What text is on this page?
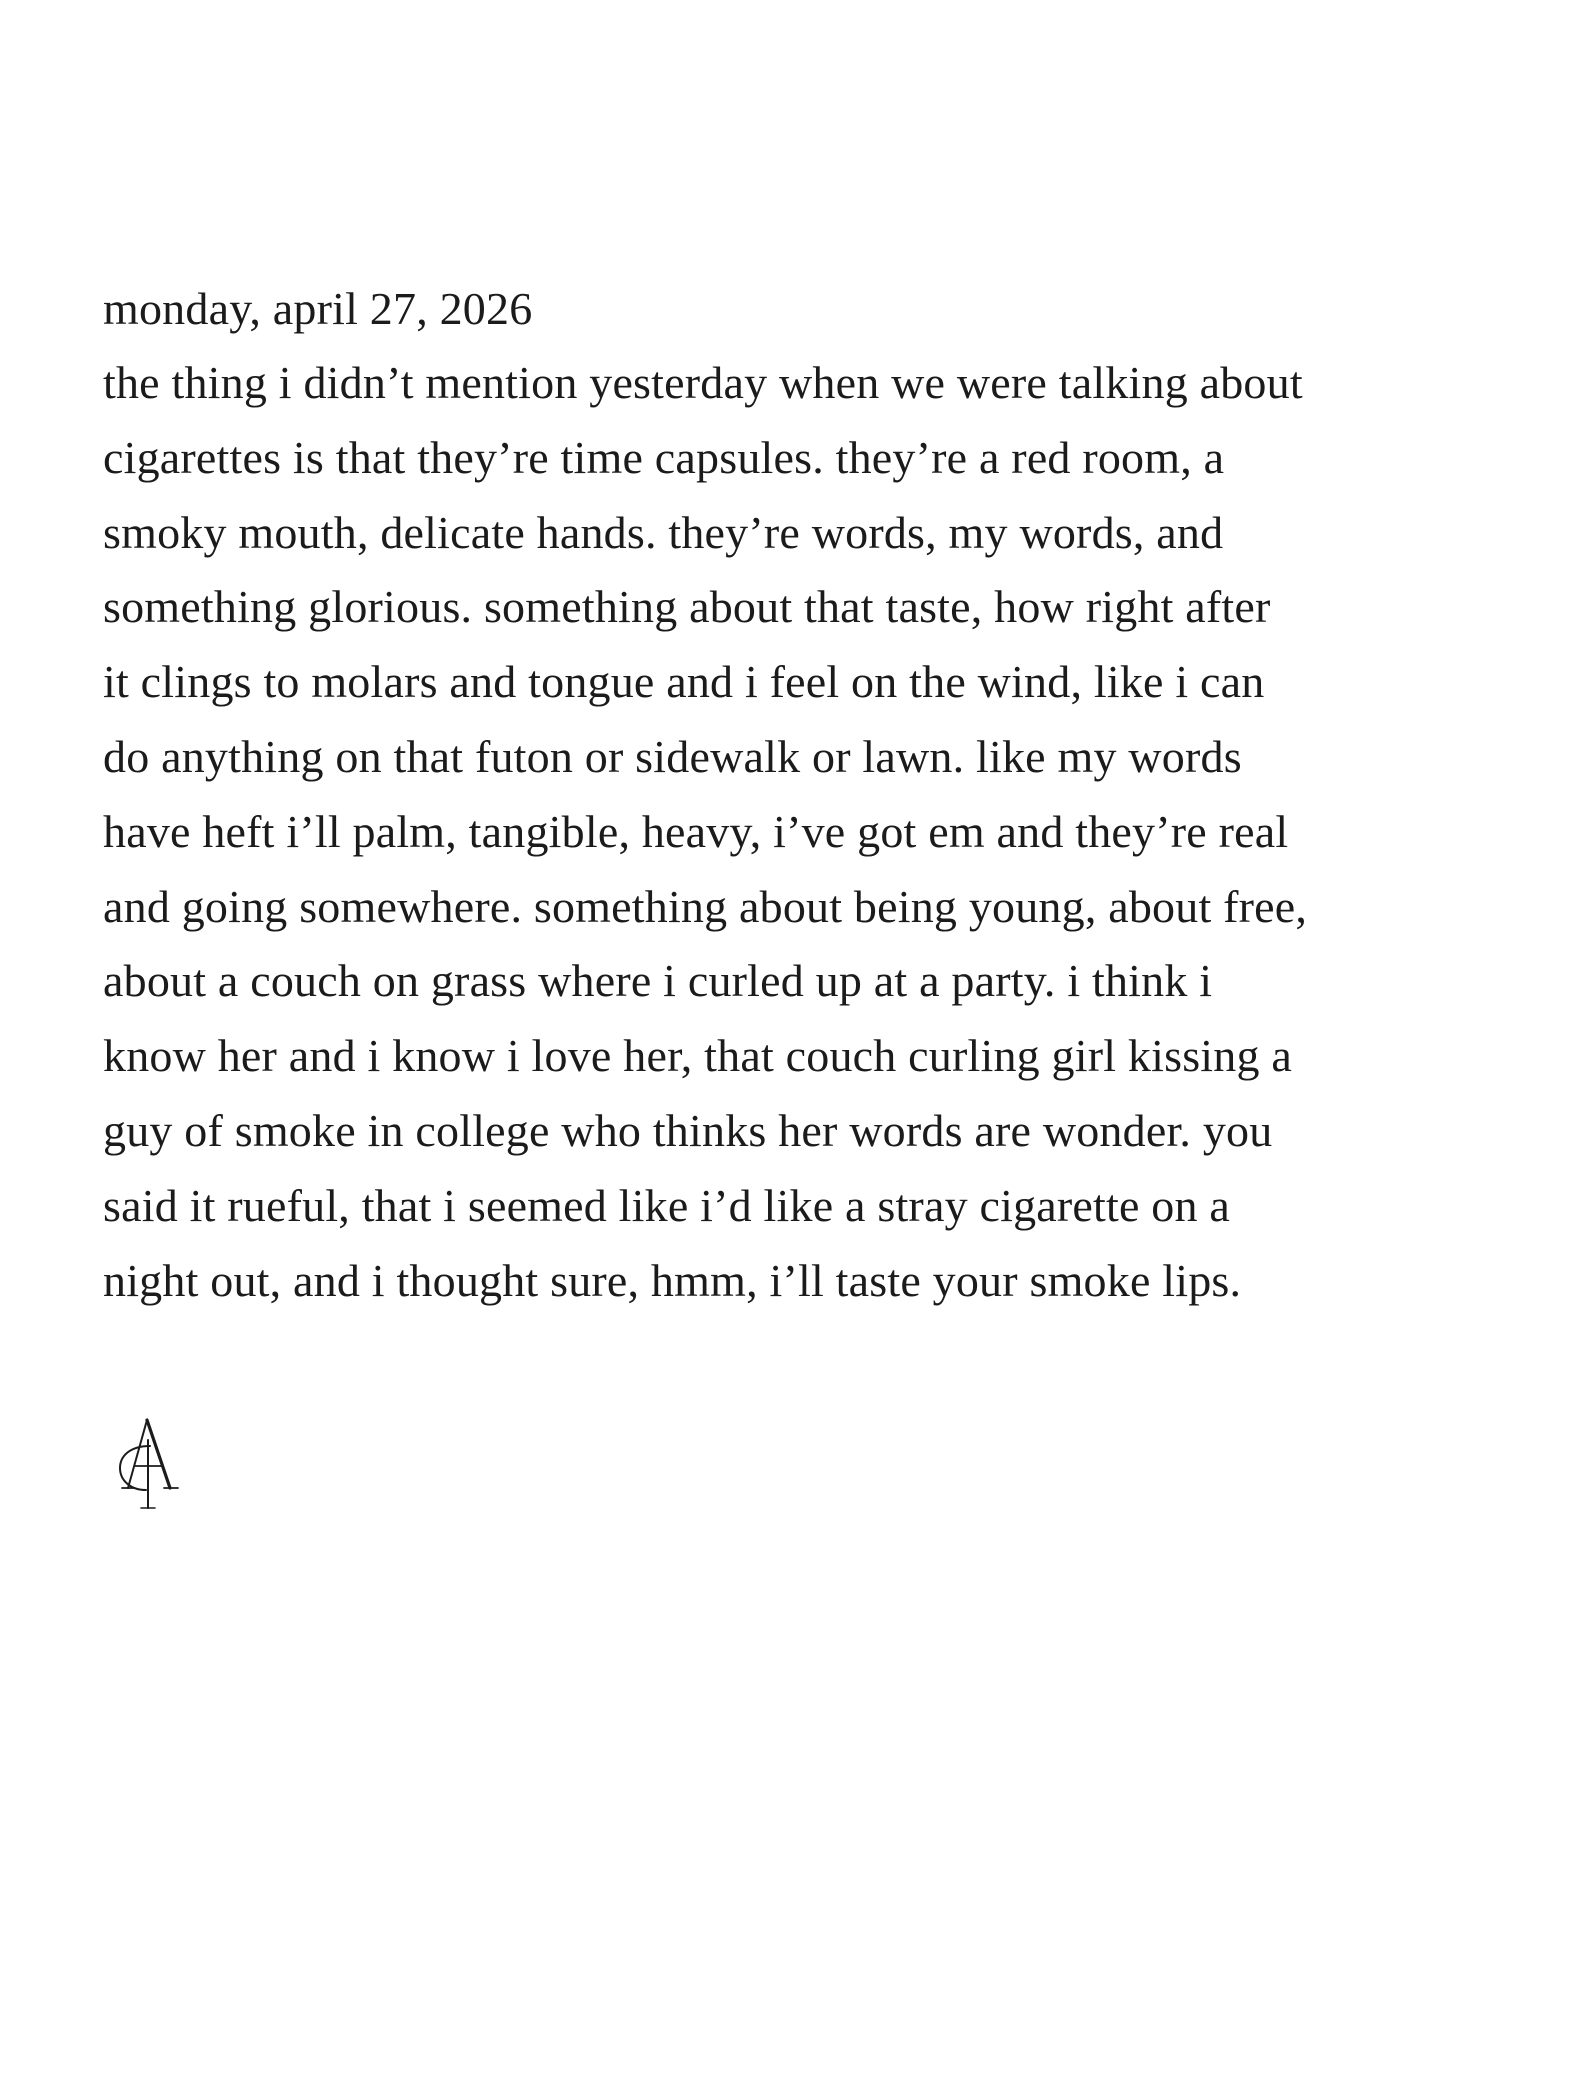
monday, april 27, 2026
the thing i didn’t mention yesterday when we were talking about
cigarettes is that they’re time capsules. they’re a red room, a
smoky mouth, delicate hands. they’re words, my words, and
something glorious. something about that taste, how right after
it clings to molars and tongue and i feel on the wind, like i can
do anything on that futon or sidewalk or lawn. like my words
have heft i’ll palm, tangible, heavy, i’ve got em and they’re real
and going somewhere. something about being young, about free,
about a couch on grass where i curled up at a party. i think i
know her and i know i love her, that couch curling girl kissing a
guy of smoke in college who thinks her words are wonder. you
said it rueful, that i seemed like i’d like a stray cigarette on a
night out, and i thought sure, hmm, i’ll taste your smoke lips.
